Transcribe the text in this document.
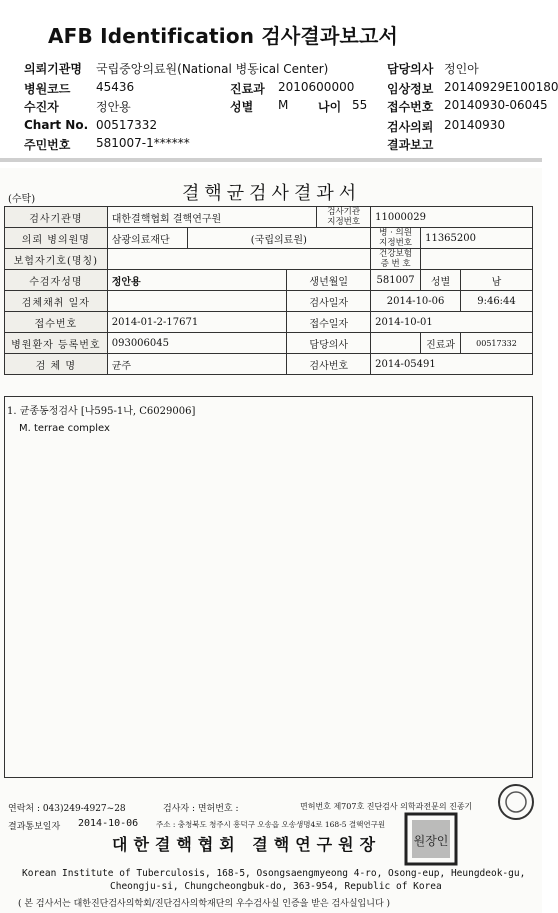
AFB Identification 검사결과보고서
의뢰기관명 국립중앙의료원(National 병동ical Center)	담당의사 정인아
병원코드 45436	진료과 2010600000	임상정보 20140929E100180
수진자	정안용	성별 M 나이 55 접수번호 20140930-06045
Chart No. 00517332	검사의뢰 20140930
주민번호 581007-1******	결과보고
(수탁)	결핵균검사결과서
검사기관명	대한결핵협회 결핵연구원			검사기관
지정번호	11000029		
의뢰 병의원명	삼광의료재단	(국립의료원)			병 · 의원
지정번호	11365200	
보험자기호(명칭)					건강보험
증 번 호		
수검자성명	정안용		생년월일		581007	성별	남
검체채취 일자			검사일자		2014-10-06		9:46:44
접수번호	2014-01-2-17671		접수일자		2014-10-01		
병원환자 등록번호	093006045		담당의사			진료과	00517332
검 체 명	균주		검사번호		2014-05491		
1. 균종동정검사 [나595-1나, C6029006]
M. terrae complex
연락처 : 043)249-4927~28	검사자 : 면허번호 :	면허번호 제707호 진단검사 의학과전문의 진종기
결과통보일자 2014-10-06 주소 : 충청북도 청주시 흥덕구 오송읍 오송생명4로 168-5 결핵연구원
대한결핵협회 결핵연구원장	원장인
Korean Institute of Tuberculosis, 168-5, Osongsaengmyeong 4-ro, Osong-eup, Heungdeok-gu,
Cheongju-si, Chungcheongbuk-do, 363-954, Republic of Korea
( 본 검사서는 대한진단검사의학회/진단검사의학재단의 우수검사실 인증을 받은 검사실입니다 )
